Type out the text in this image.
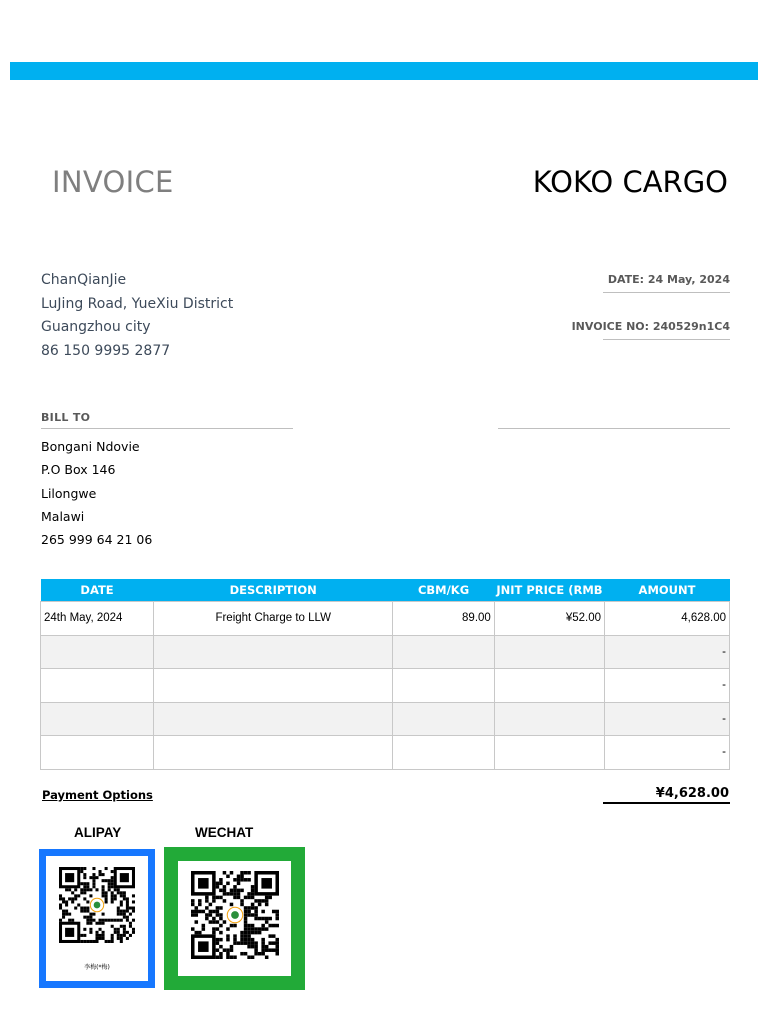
INVOICE	KOKO CARGO
ChanQianJie
LuJing Road, YueXiu District
Guangzhou city
86 150 9995 2877
DATE: 24 May, 2024
INVOICE NO: 240529n1C4
BILL TO
Bongani Ndovie
P.O Box 146
Lilongwe
Malawi
265 999 64 21 06
DATE	DESCRIPTION	CBM/KG	JNIT PRICE (RMB	AMOUNT
24th May, 2024	Freight Charge to LLW	89.00	¥52.00	4,628.00
				-
				-
				-
				-
Payment Options	¥4,628.00
ALIPAY	WECHAT
李梅(*梅)
